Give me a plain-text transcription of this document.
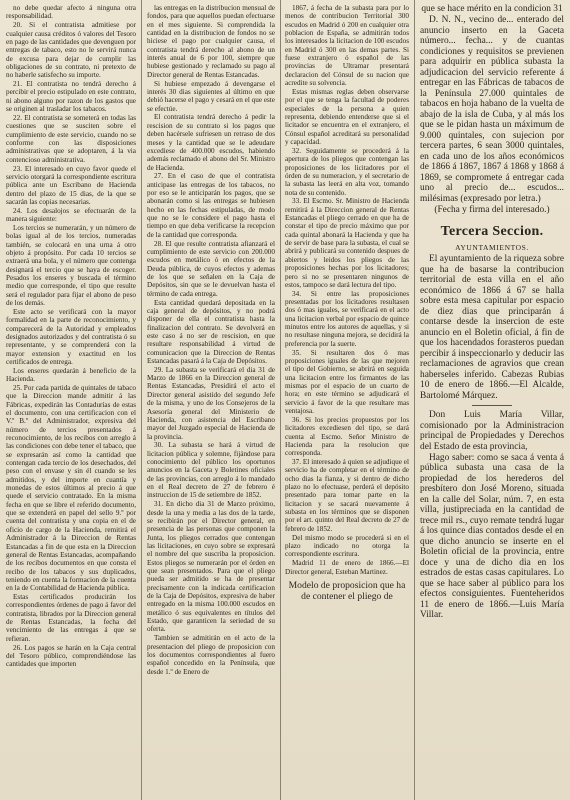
no debe quedar afecto á ninguna otra responsabilidad.

20. Si el contratista admitiese por cualquier causa créditos ó valores del Tesoro en pago de las cantidades que devenguen por entregas de tabaco, esto no le servirá nunca de excusa para dejar de cumplir las obligaciones de su contrato, ni pretexto de no haberle satisfecho su importe.

21. El contratista no tendrá derecho á percibir el precio estipulado en este contrato, ni abono alguno por razon de los gastos que se originen al trasladar los tabacos.

22. El contratista se someterá en todas las cuestiones que se susciten sobre el cumplimiento de este servicio, cuando no se conforme con las disposiciones administrativas que se adoptaren, á la via contencioso administrativa.

23. El interesado en cuyo favor quede el servicio otorgará la correspondiente escritura pública ante un Escribano de Hacienda dentro del plazo de 15 dias, de la que se sacarán las copias necesarias.

24. Los desalojos se efectuarán de la manera siguiente:

Los tercios se numerarán, y un número de bolas igual al de los tercios, numeradas también, se colocará en una urna á otro objeto á propósito. Por cada 10 tercios se extraerá una bola, y el número que contenga designará el tercio que se haya de escoger. Pesados los enseres y buscada el término medio que corresponde, el tipo que resulte será el regulador para fijar el abono de peso de los demás.

Este acto se verificará con la mayor formalidad en la parte de reconocimiento, y comparecerá de la Autoridad y empleados designados autorizados y del contratista ó su representante, y se comprenderá con la mayor extension y exactitud en los certificados de entrega.

Los enseres quedarán á beneficio de la Hacienda.

25. Por cada partida de quintales de tabaco que la Direccion mande admitir á las Fábricas, expedirán las Contadurías de estas el documento, con una certificacion con el V.º B.º del Administrador, expresiva del número de tercios presentados á reconocimiento, de los recibos con arreglo á las condiciones con debe tener el tabaco, que se expresarán así como la cantidad que contengan cada tercio de los desechados, del peso con el envase y sin él cuando se les admitidos, y del importe en cuantía y monedas de estos últimos al precio á que quede el servicio contratado. En la misma fecha en que se libre el referido documento, que se extenderá en papel del sello 9.º por cuenta del contratista y una copia en el de oficio de cargo de la Hacienda, remitirá el Administrador á la Direccion de Rentas Estancadas a fin de que esta en la Direccion general de Rentas Estancadas, acompañando de los recibos documentos en que consta el recibo de los tabacos y sus duplicados, teniendo en cuenta la formacion de la cuenta en la de Contabilidad de Hacienda pública.

Estas certificados producirán los correspondientes órdenes de pago á favor del contratista, librados por la Direccion general de Rentas Estancadas, la fecha del vencimiento de las entregas á que se refieran.

26. Los pagos se harán en la Caja central del Tesoro público, comprendiéndose las cantidades que importen

las entregas en la distribucion mensual de fondos, para que aquellos puedan efectuarse en el mes siguiente. Si comprendida la cantidad en la distribucion de fondos no se hiciese el pago por cualquier causa, el contratista tendrá derecho al abono de un interés anual de 6 por 100, siempre que hubiese gestionado y reclamado su pago al Director general de Rentas Estancadas.

Si hubiese empezado á devengarse el interés 30 dias siguientes al último en que debió hacerse el pago y cesará en el que este se efectúe.

El contratista tendrá derecho á pedir la rescision de su contrato si los pagos que deben hacérsele sufriesen un retraso de dos meses y la cantidad que se le adeudare excediese de 400.000 escudos, habiendo además reclamado el abono del Sr. Ministro de Hacienda.

27. En el caso de que el contratista anticipase las entregas de los tabacos, no por eso se le anticiparán los pagos, que se abonarán como si las entregas se hubiesen hecho en las fechas estipuladas, de modo que no se le considere el pago hasta el tiempo en que deba verificarse la recepcion de la cantidad que corresponda.

28. El que resulte contratista afianzará el cumplimiento de este servicio con 200.000 escudos en metálico ó en efectos de la Deuda pública, de cuyos efectos y ademas de los que se señalen en la Caja de Depósitos, sin que se le devuelvan hasta el término de cada entrega.

Esta cantidad quedará depositada en la caja general de depósitos, y no podrá disponer de ella el contratista hasta la finalizacion del contrato. Se devolverá en este caso á no ser de rescision, en que resultare responsabilidad á virtud de comunicacion que la Direccion de Rentas Estancadas pasará á la Caja de Depósitos.

29. La subasta se verificará el dia 31 de Marzo de 1866 en la Direccion general de Rentas Estancadas, Presidirá el acto el Director general asistido del segundo Jefe de la misma, y uno de los Consejeros de la Asesoría general del Ministerio de Hacienda, con asistencia del Escribano mayor del Juzgado especial de Hacienda de la provincia.

30. La subasta se hará á virtud de licitacion pública y solemne, fijándose para conocimiento del público los oportunos anuncios en la Gaceta y Boletines oficiales de las provincias, con arreglo á lo mandado en el Real decreto de 27 de febrero é instruccion de 15 de setiembre de 1852.

31. En dicho dia 31 de Marzo próximo, desde la una y media a las dos de la tarde, se recibirán por el Director general, en presencia de las personas que componen la Junta, los pliegos cerrados que contengan las licitaciones, en cuyo sobre se expresará el nombre del que suscriba la proposicion. Estos pliegos se numerarán por el órden en que sean presentados. Para que el pliego pueda ser admitido se ha de presentar precisamente con la indicada certificacion de la Caja de Depósitos, expresiva de haber entregado en la misma 100.000 escudos en metálico ó sus equivalentes en títulos del Estado, que garanticen la seriedad de su oferta.

Tambien se admitirán en el acto de la presentacion del pliego de proposicion con los documentos correspondientes al fuero español concedido en la Península, que desde 1.º de Enero de

1867, á fecha de la subasta para por lo menos de contribucion Territorial 300 escudos en Madrid ó 200 en cualquier otra poblacion de España, se admitirán todos los interesados la licitacion de 100 escudos en Madrid ó 300 en las demas partes. Si fuese extranjero ó español de las provincias de Ultramar presentará declaracion del Cónsul de su nacion que acredite su solvencia.

Estas mismas reglas deben observarse por el que se tenga la facultad de poderes especiales de la persona a quien representa, debiendo entenderse que si el licitador se encuentra en el extranjero, el Cónsul español acreditará su personalidad y capacidad.

32. Seguidamente se procederá á la apertura de los pliegos que contengan las proposiciones de los licitadores por el órden de su numeracion, y el secretario de la subasta las leerá en alta voz, tomando nota de su contenido.

33. El Escmo. Sr. Ministro de Hacienda remitirá á la Direccion general de Rentas Estancadas el pliego cerrado en que ha de constar el tipo de precio máximo que por cada quintal abonará la Hacienda y que ha de servir de base para la subasta, el cual se abrirá y publicará su contenido despues de abiertos y leidos los pliegos de las proposiciones hechas por los licitadores; pero si no se presentaren ningunos de estos, tampoco se dará lectura del tipo.

34. Si entre las proposiciones presentadas por los licitadores resultasen dos ó mas iguales, se verificará en el acto una licitacion verbal por espacio de quince minutos entre los autores de aquellas, y si no resultase ninguna mejora, se decidirá la preferencia por la suerte.

35. Si resultaren dos ó mas proposiciones iguales de las que mejoren el tipo del Gobierno, se abrirá en seguida una licitacion entre los firmantes de las mismas por el espacio de un cuarto de hora; en este término se adjudicará el servicio á favor de la que resultare mas ventajosa.

36. Si los precios propuestos por los licitadores excediesen del tipo, se dará cuenta al Escmo. Señor Ministro de Hacienda para la resolucion que corresponda.

37. El interesado á quien se adjudique el servicio ha de completar en el término de ocho dias la fianza, y si dentro de dicho plazo no lo efectuase, perderá el depósito presentado para tomar parte en la licitacion y se sacará nuevamente á subasta en los términos que se disponen por el art. quinto del Real decreto de 27 de febrero de 1852.

Del mismo modo se procederá si en el plazo indicado no otorga la correspondiente escritura.

Madrid 11 de enero de 1866.—El Director general, Esteban Martinez.

Modelo de proposicion que ha de contener el pliego de

que se hace mérito en la condicion 31

D. N. N., vecino de... enterado del anuncio inserto en la Gaceta número... fecha... y de cuantas condiciones y requisitos se previenen para adquirir en pública subasta la adjudicacion del servicio referente á entregar en las Fábricas de tabacos de la Península 27.000 quintales de tabacos en hoja habano de la vuelta de abajo de la isla de Cuba, y al más los que se le pidan hasta un máximum de 9.000 quintales, con sujecion por tercera partes, 6 sean 3000 quintales, en cada uno de los años económicos de 1866 á 1867, 1867 á 1868 y 1868 á 1869, se compromete á entregar cada uno al precio de... escudos... milésimas (expresado por letra.)

(Fecha y firma del interesado.)

Tercera Seccion.
AYUNTAMIENTOS.

El ayuntamiento de la riqueza sobre que ha de basarse la contribucion territorial de esta villa en el año económico de 1866 á 67 se halla sobre esta mesa capitular por espacio de diez dias que principarán á contarse desde la insercion de este anuncio en el Boletin oficial, á fin de que los hacendados forasteros puedan percibir á inspeccionarlo y deducir las reclamaciones de agravios que crean haberseles inferido. Cabezas Rubias 10 de enero de 1866.—El Alcalde, Bartolomé Márquez.

Don Luis María Villar, comisionado por la Administracion principal de Propiedades y Derechos del Estado de esta provincia,

Hago saber: como se saca á venta á pública subasta una casa de la propiedad de los herederos del presbítero don José Moreno, situada en la calle del Solar, núm. 7, en esta villa, justipreciada en la cantidad de trece mil rs., cuyo remate tendrá lugar á los quince dias contados desde el en que dicho anuncio se inserte en el Boletin oficial de la provincia, entre doce y una de dicho dia en los estrados de estas casas capitulares. Lo que se hace saber al público para los efectos consiguientes. Fuenteheridos 11 de enero de 1866.—Luis María Villar.
